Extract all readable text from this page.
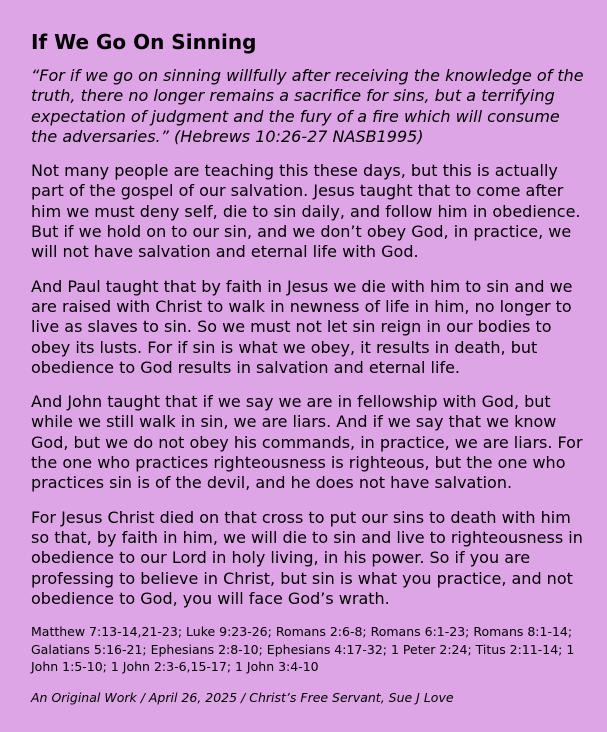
If We Go On Sinning

“For if we go on sinning willfully after receiving the knowledge of the truth, there no longer remains a sacrifice for sins, but a terrifying expectation of judgment and the fury of a fire which will consume the adversaries.” (Hebrews 10:26-27 NASB1995)

Not many people are teaching this these days, but this is actually part of the gospel of our salvation. Jesus taught that to come after him we must deny self, die to sin daily, and follow him in obedience. But if we hold on to our sin, and we don’t obey God, in practice, we will not have salvation and eternal life with God.

And Paul taught that by faith in Jesus we die with him to sin and we are raised with Christ to walk in newness of life in him, no longer to live as slaves to sin. So we must not let sin reign in our bodies to obey its lusts. For if sin is what we obey, it results in death, but obedience to God results in salvation and eternal life.

And John taught that if we say we are in fellowship with God, but while we still walk in sin, we are liars. And if we say that we know God, but we do not obey his commands, in practice, we are liars. For the one who practices righteousness is righteous, but the one who practices sin is of the devil, and he does not have salvation.

For Jesus Christ died on that cross to put our sins to death with him so that, by faith in him, we will die to sin and live to righteousness in obedience to our Lord in holy living, in his power. So if you are professing to believe in Christ, but sin is what you practice, and not obedience to God, you will face God’s wrath.

Matthew 7:13-14,21-23; Luke 9:23-26; Romans 2:6-8; Romans 6:1-23; Romans 8:1-14; Galatians 5:16-21; Ephesians 2:8-10; Ephesians 4:17-32; 1 Peter 2:24; Titus 2:11-14; 1 John 1:5-10; 1 John 2:3-6,15-17; 1 John 3:4-10

An Original Work / April 26, 2025 / Christ’s Free Servant, Sue J Love
